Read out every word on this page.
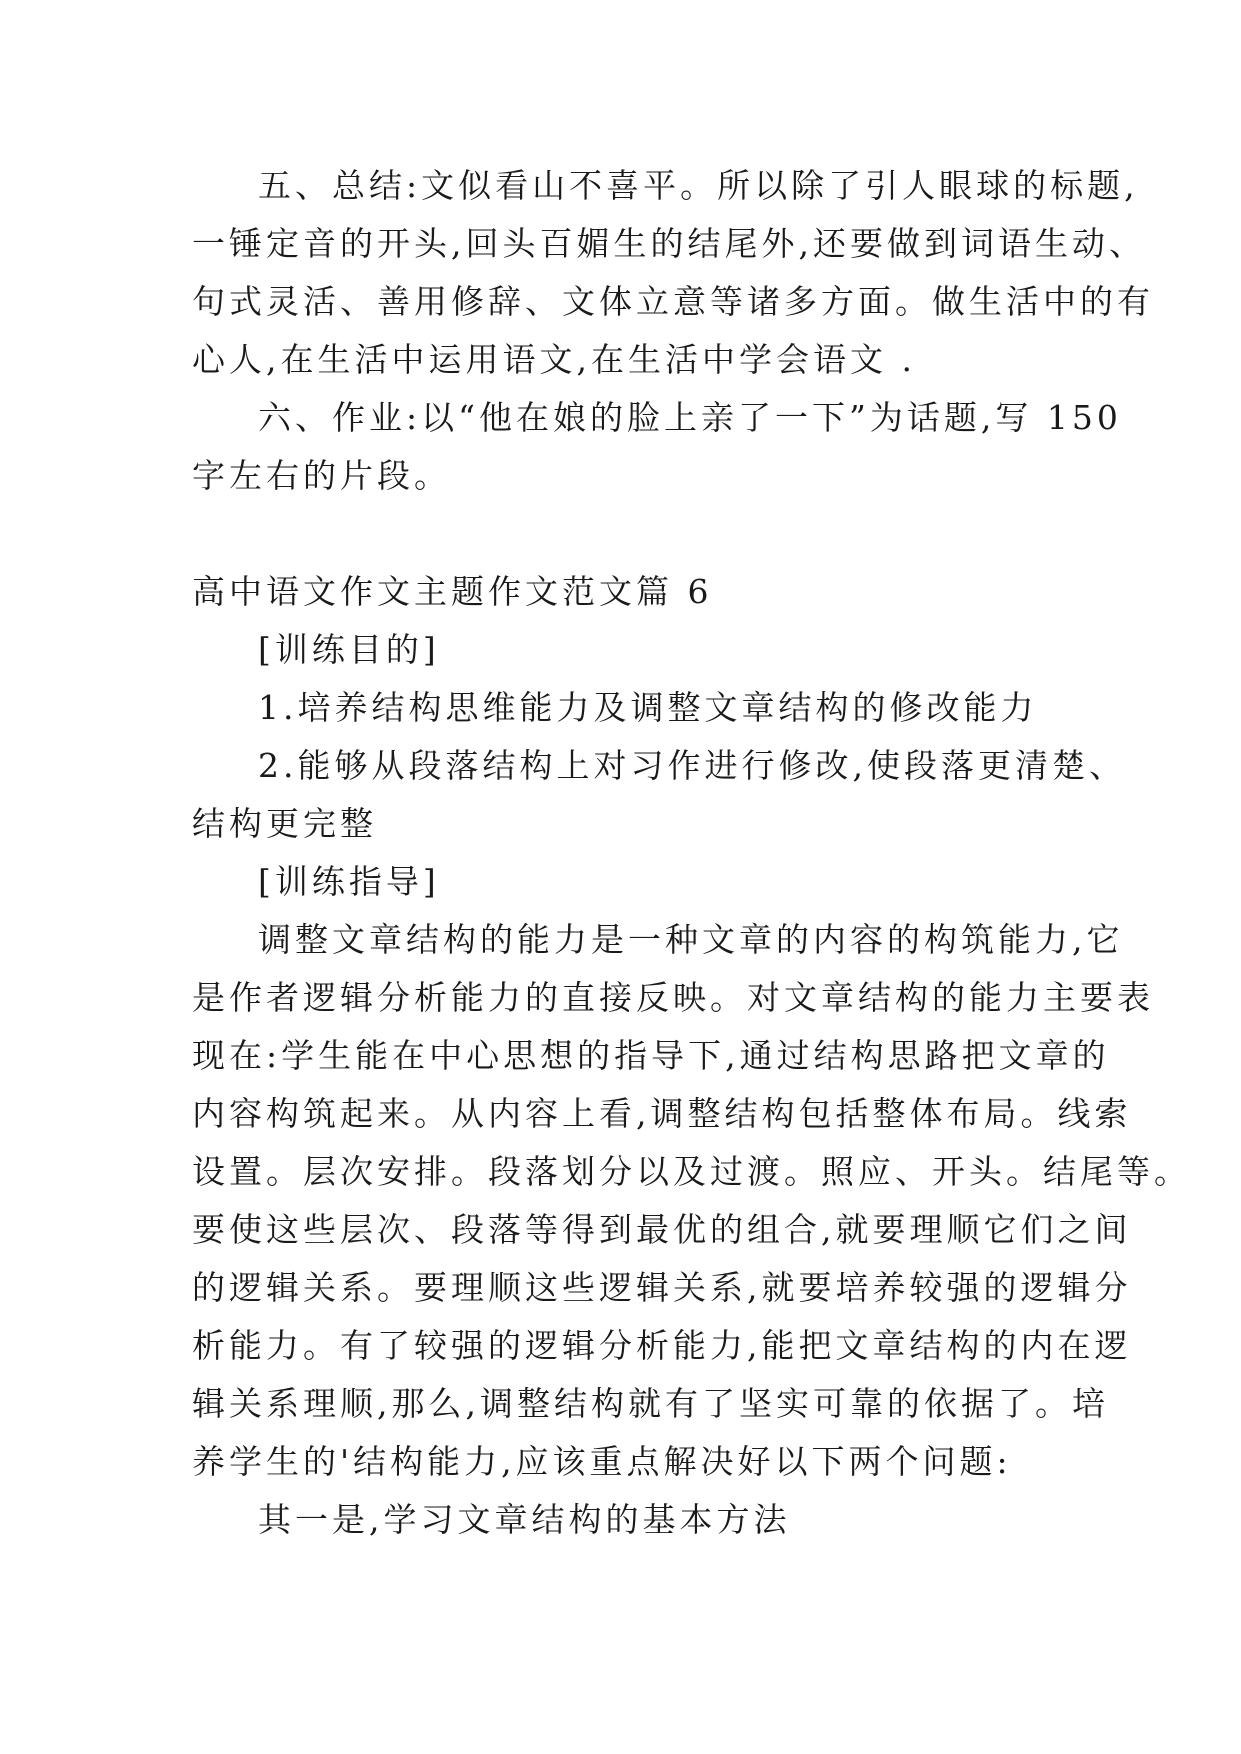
五、总结:文似看山不喜平。所以除了引人眼球的标题,
一锤定音的开头,回头百媚生的结尾外,还要做到词语生动、
句式灵活、善用修辞、文体立意等诸多方面。做生活中的有
心人,在生活中运用语文,在生活中学会语文 .
六、作业:以“他在娘的脸上亲了一下”为话题,写 150
字左右的片段。
高中语文作文主题作文范文篇 6
[训练目的]
1.培养结构思维能力及调整文章结构的修改能力
2.能够从段落结构上对习作进行修改,使段落更清楚、
结构更完整
[训练指导]
调整文章结构的能力是一种文章的内容的构筑能力,它
是作者逻辑分析能力的直接反映。对文章结构的能力主要表
现在:学生能在中心思想的指导下,通过结构思路把文章的
内容构筑起来。从内容上看,调整结构包括整体布局。线索
设置。层次安排。段落划分以及过渡。照应、开头。结尾等。
要使这些层次、段落等得到最优的组合,就要理顺它们之间
的逻辑关系。要理顺这些逻辑关系,就要培养较强的逻辑分
析能力。有了较强的逻辑分析能力,能把文章结构的内在逻
辑关系理顺,那么,调整结构就有了坚实可靠的依据了。培
养学生的'结构能力,应该重点解决好以下两个问题:
其一是,学习文章结构的基本方法
